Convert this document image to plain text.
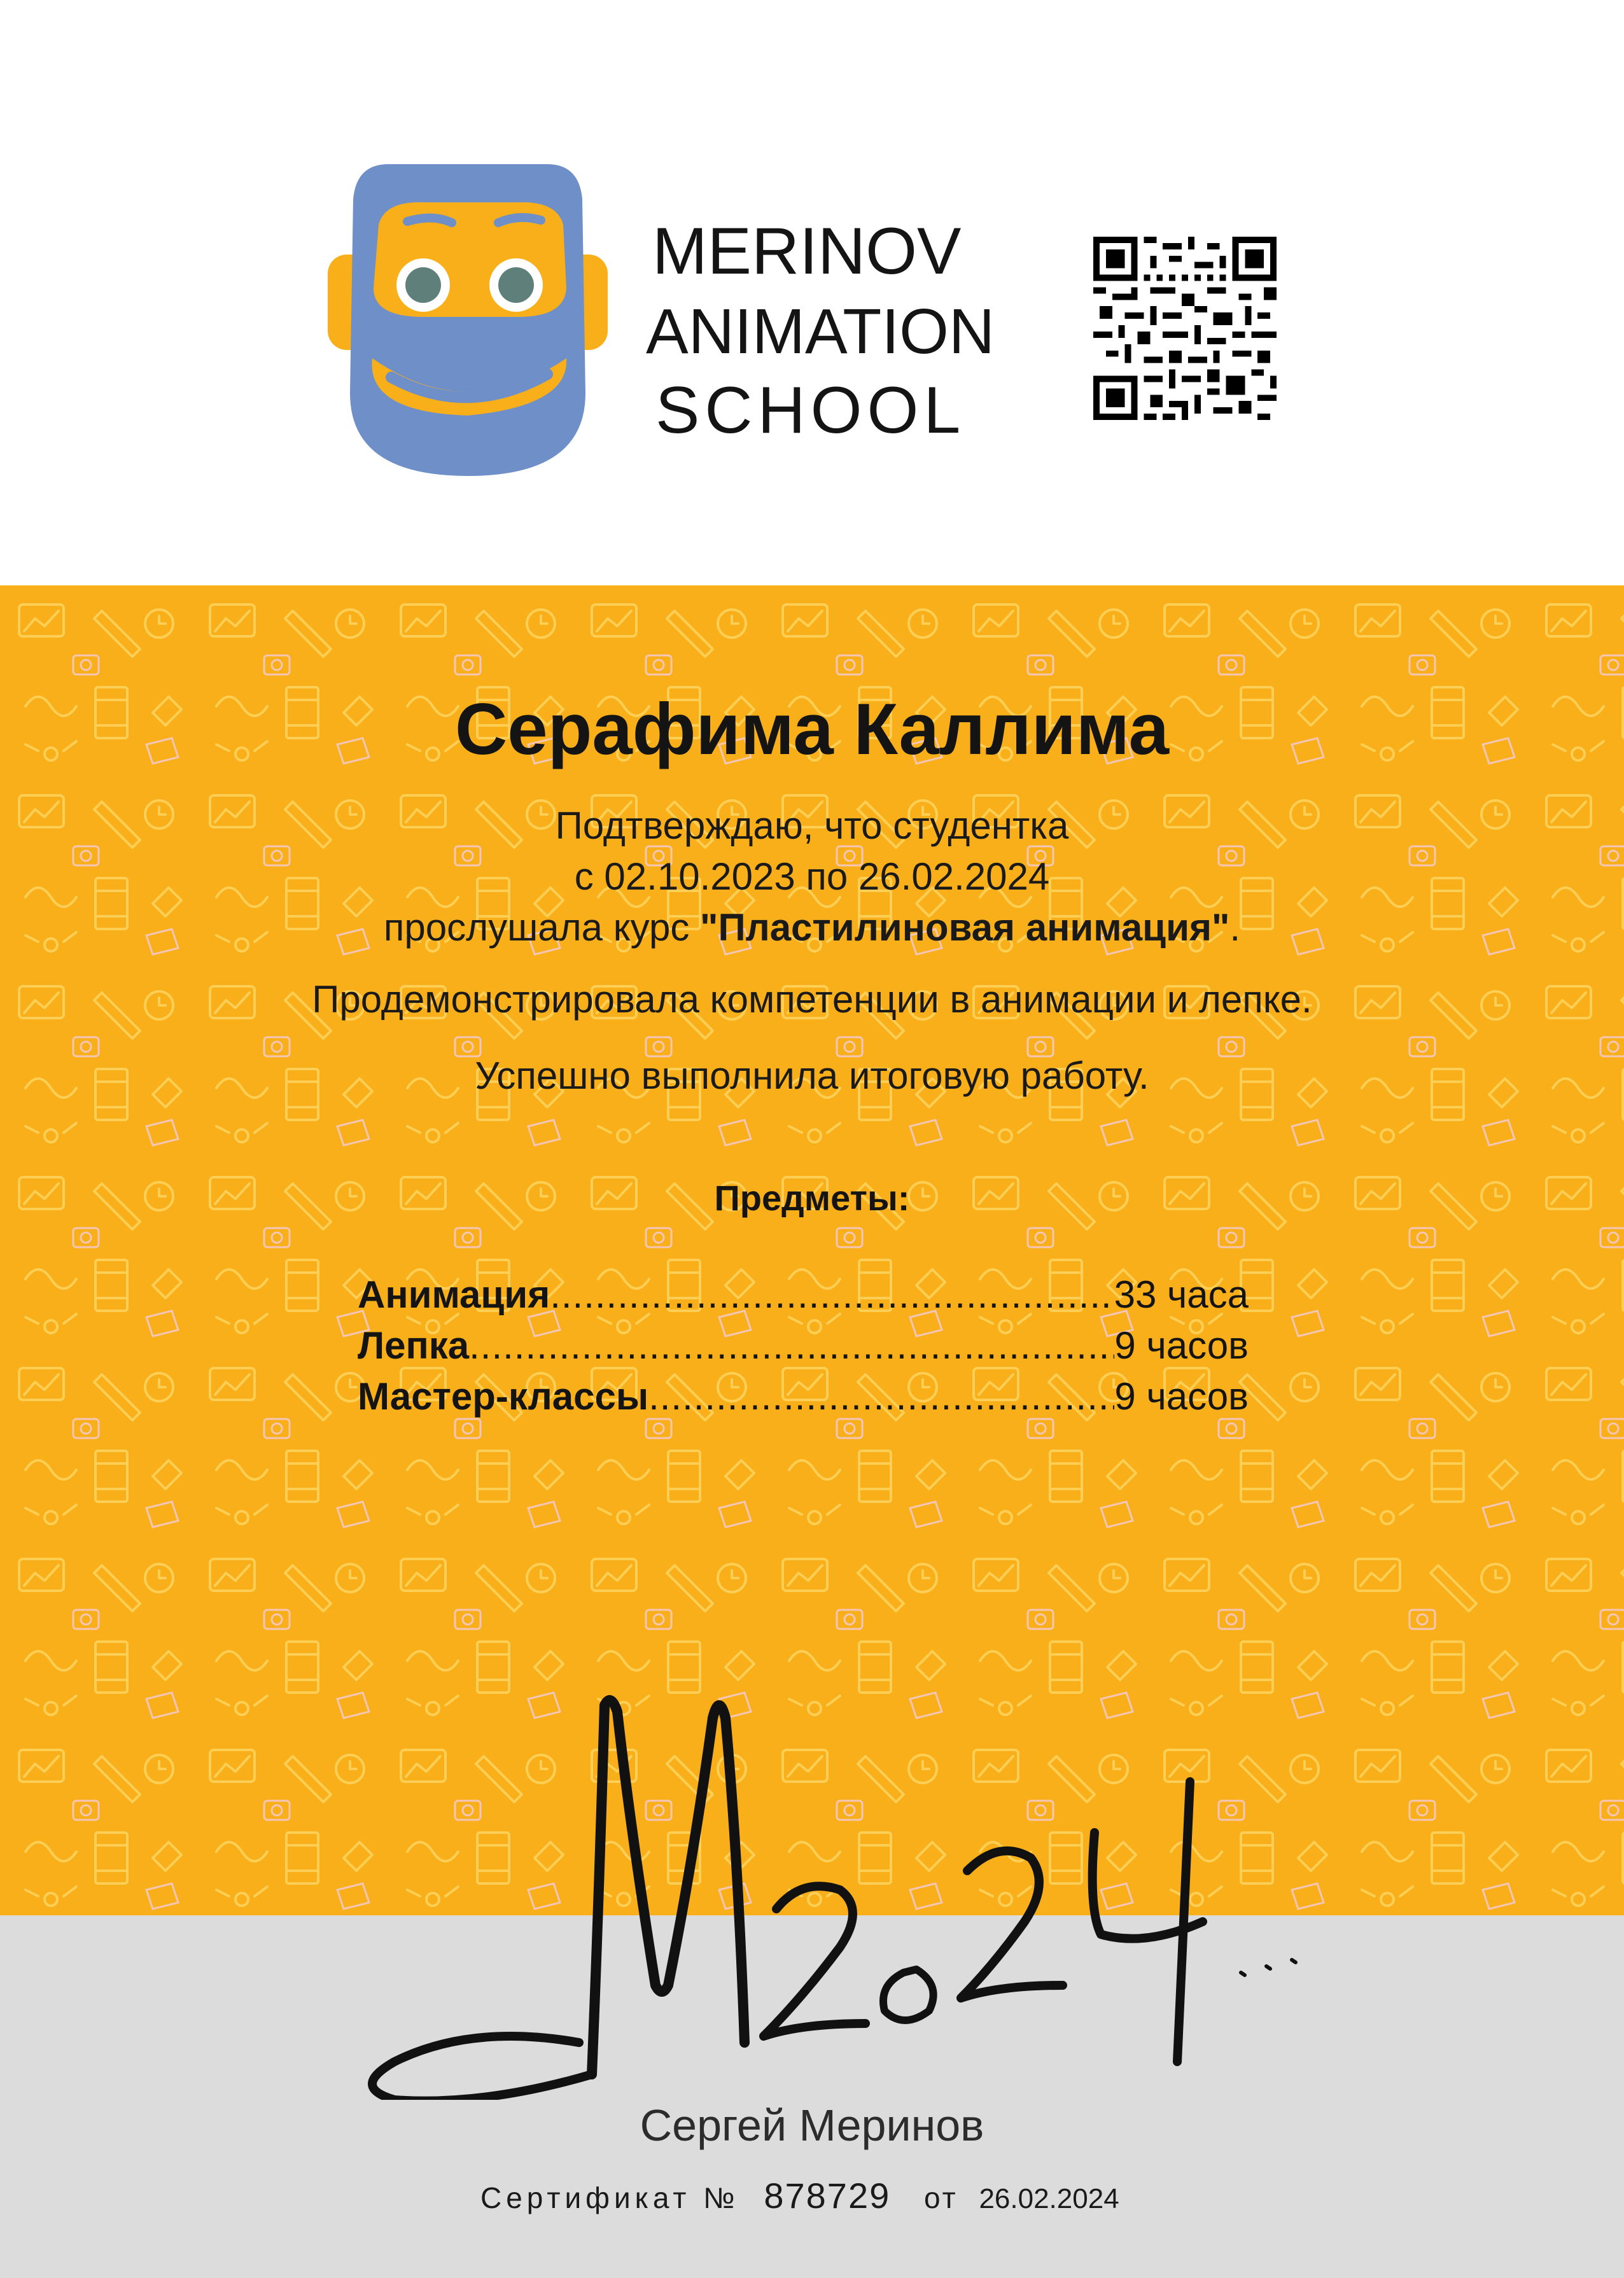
MERINOV
ANIMATION
SCHOOL
Серафима Каллима
Подтверждаю, что студентка
с 02.10.2023 по 26.02.2024
прослушала курс "Пластилиновая анимация".
Продемонстрировала компетенции в анимации и лепке.
Успешно выполнила итоговую работу.
Предметы:
Анимация .....	33 часа
Лепка .....	9 часов
Мастер-классы .....	9 часов
Сергей Меринов
Сертификат № 878729 от 26.02.2024
